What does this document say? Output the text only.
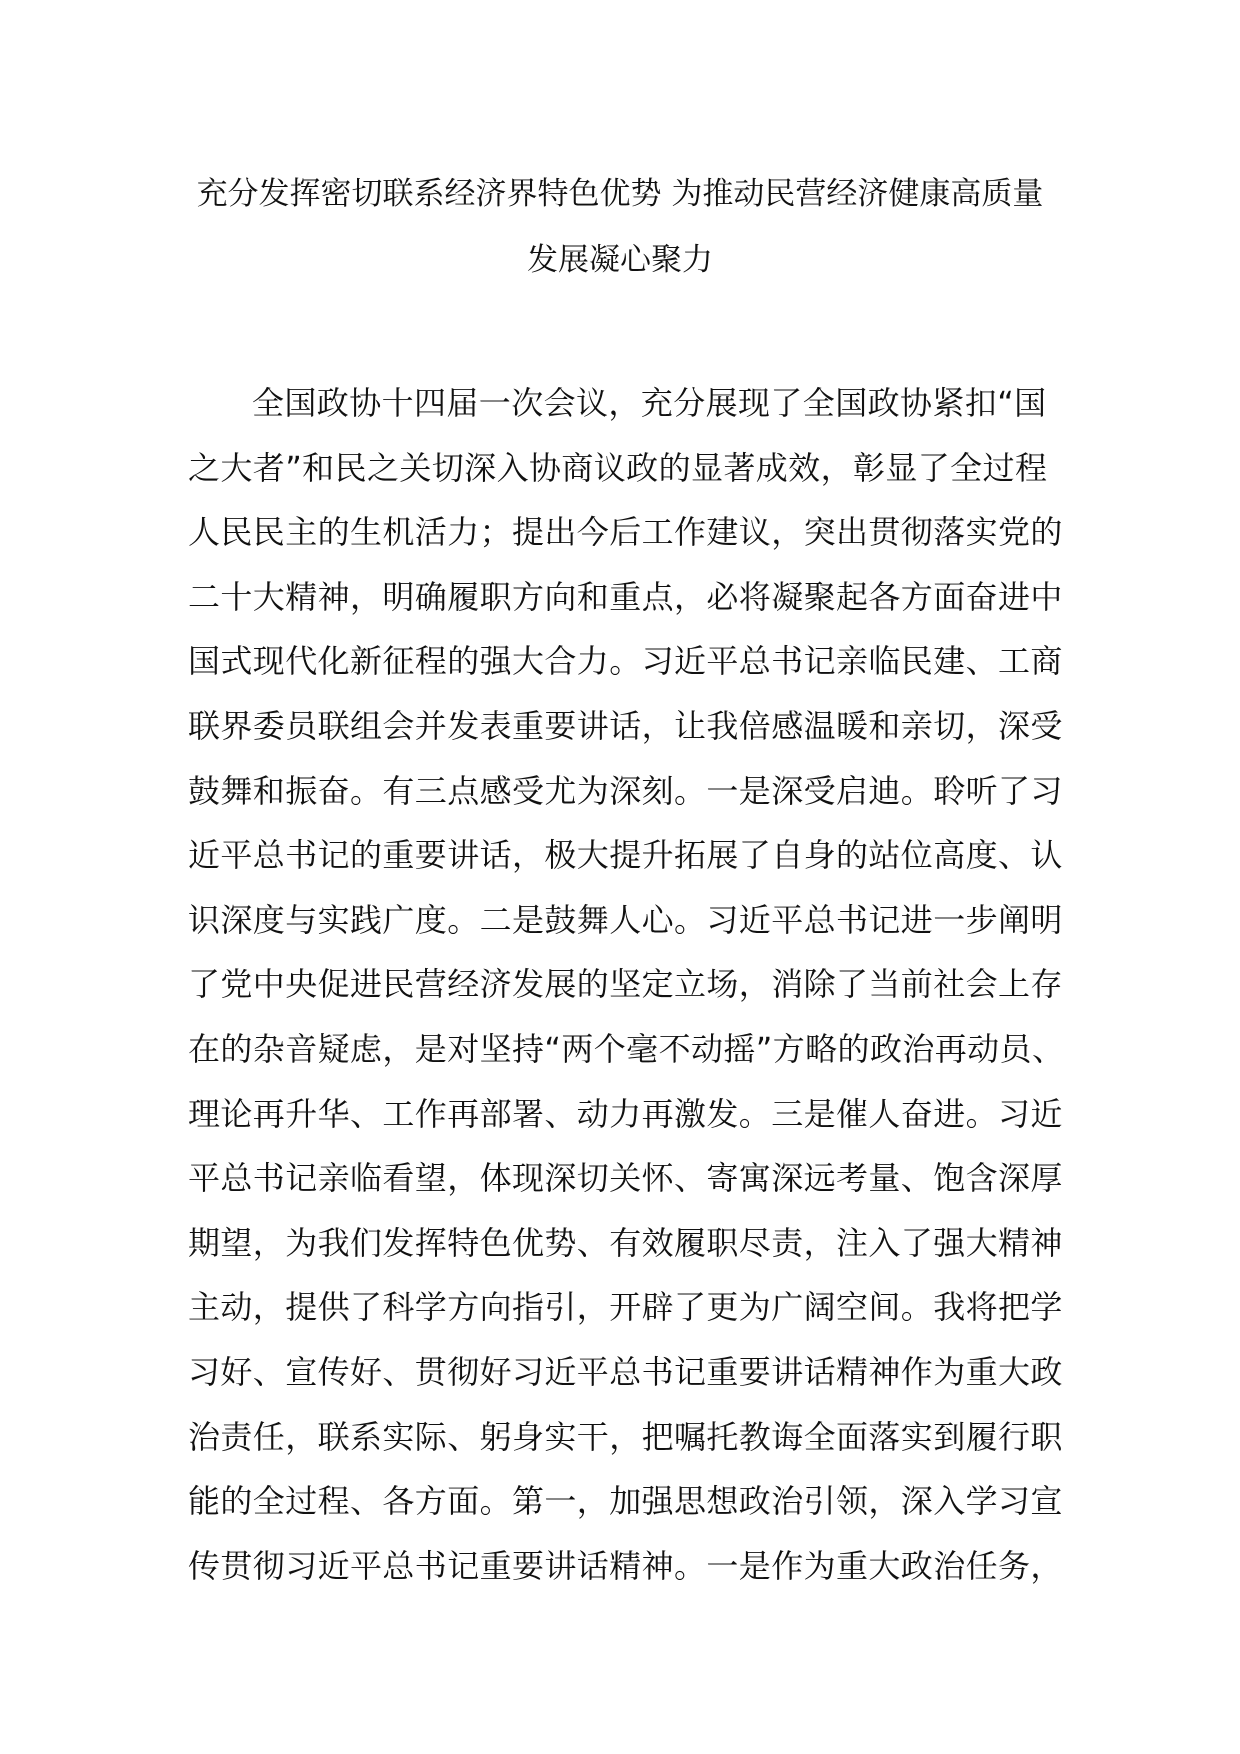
充分发挥密切联系经济界特色优势 为推动民营经济健康高质量
发展凝心聚力
全国政协十四届一次会议，充分展现了全国政协紧扣“国
之大者”和民之关切深入协商议政的显著成效，彰显了全过程
人民民主的生机活力；提出今后工作建议，突出贯彻落实党的
二十大精神，明确履职方向和重点，必将凝聚起各方面奋进中
国式现代化新征程的强大合力。习近平总书记亲临民建、工商
联界委员联组会并发表重要讲话，让我倍感温暖和亲切，深受
鼓舞和振奋。有三点感受尤为深刻。一是深受启迪。聆听了习
近平总书记的重要讲话，极大提升拓展了自身的站位高度、认
识深度与实践广度。二是鼓舞人心。习近平总书记进一步阐明
了党中央促进民营经济发展的坚定立场，消除了当前社会上存
在的杂音疑虑，是对坚持“两个毫不动摇”方略的政治再动员、
理论再升华、工作再部署、动力再激发。三是催人奋进。习近
平总书记亲临看望，体现深切关怀、寄寓深远考量、饱含深厚
期望，为我们发挥特色优势、有效履职尽责，注入了强大精神
主动，提供了科学方向指引，开辟了更为广阔空间。我将把学
习好、宣传好、贯彻好习近平总书记重要讲话精神作为重大政
治责任，联系实际、躬身实干，把嘱托教诲全面落实到履行职
能的全过程、各方面。第一，加强思想政治引领，深入学习宣
传贯彻习近平总书记重要讲话精神。一是作为重大政治任务，
